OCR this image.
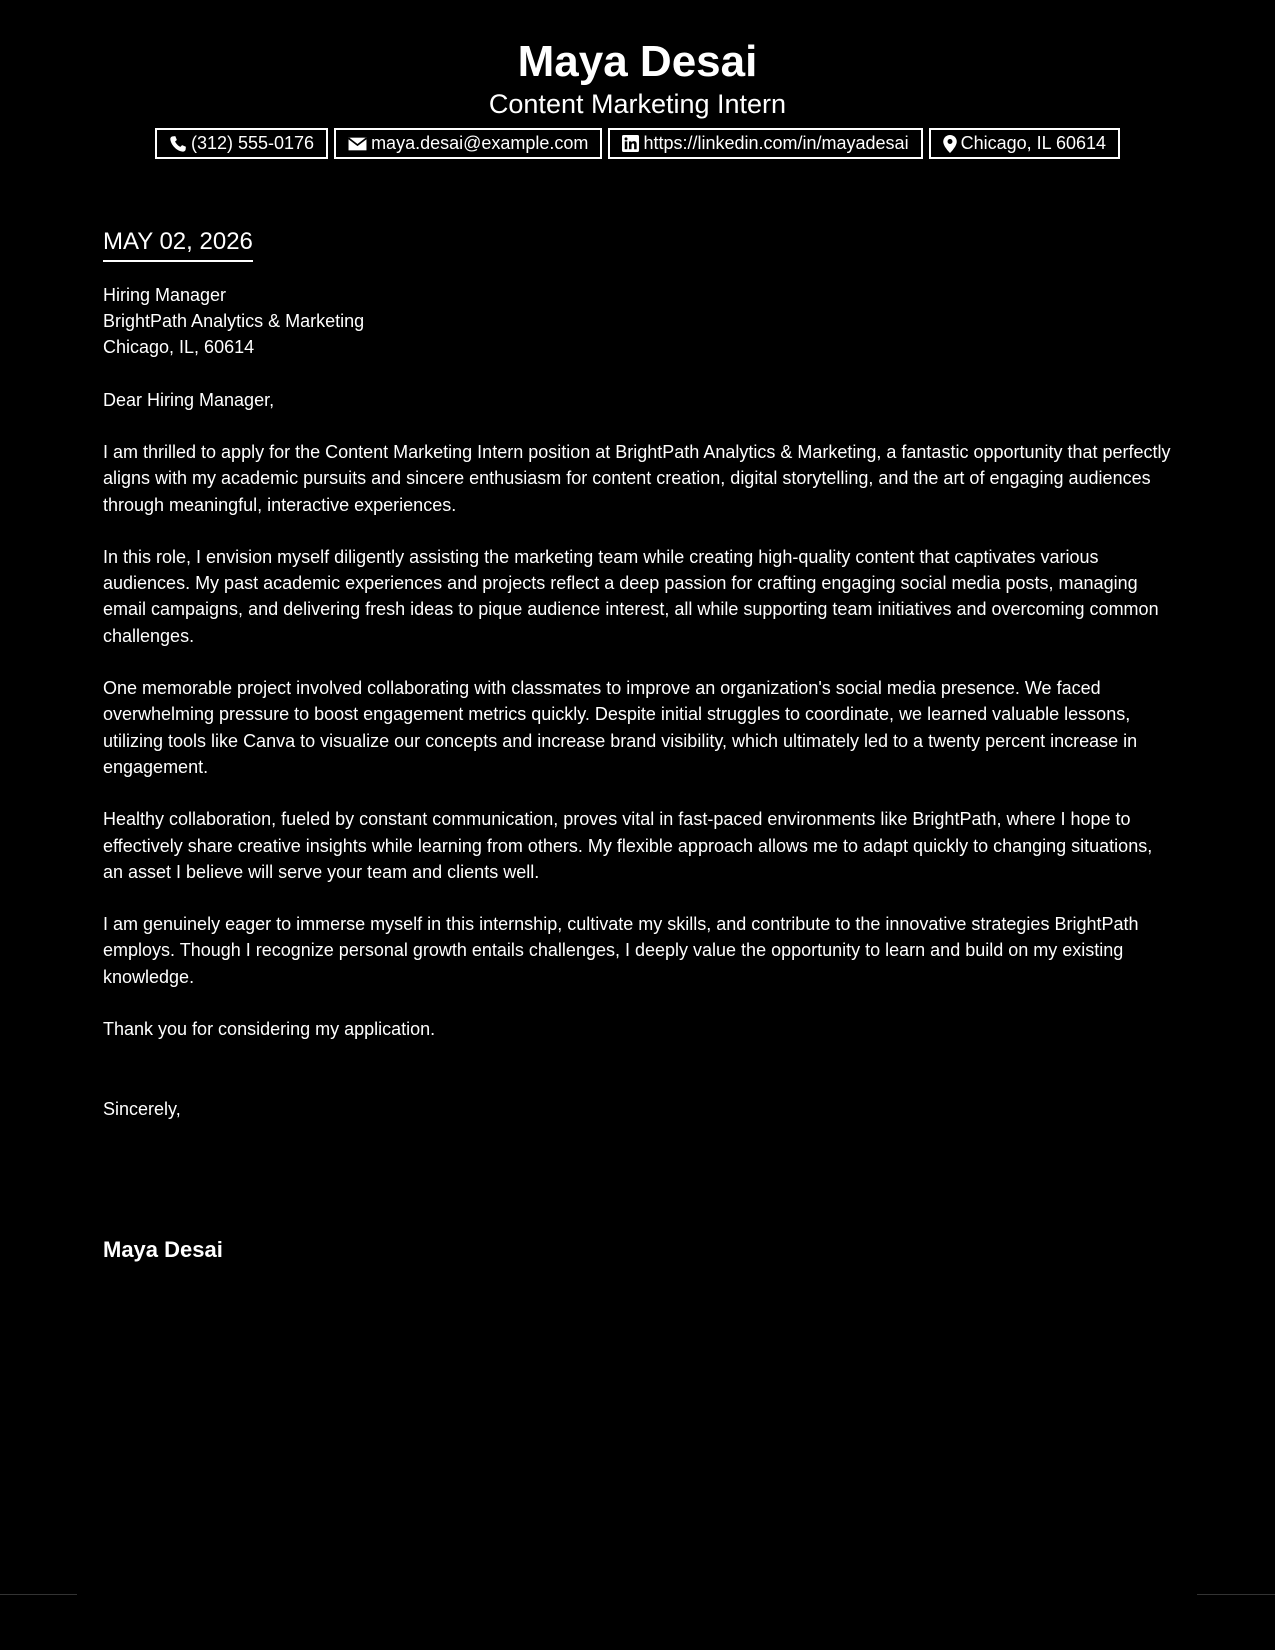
Maya Desai
Content Marketing Intern
(312) 555-0176	maya.desai@example.com	https://linkedin.com/in/mayadesai	Chicago, IL 60614
MAY 02, 2026
Hiring Manager
BrightPath Analytics & Marketing
Chicago, IL, 60614
Dear Hiring Manager,

I am thrilled to apply for the Content Marketing Intern position at BrightPath Analytics & Marketing, a fantastic opportunity that perfectly aligns with my academic pursuits and sincere enthusiasm for content creation, digital storytelling, and the art of engaging audiences through meaningful, interactive experiences.

In this role, I envision myself diligently assisting the marketing team while creating high-quality content that captivates various audiences. My past academic experiences and projects reflect a deep passion for crafting engaging social media posts, managing email campaigns, and delivering fresh ideas to pique audience interest, all while supporting team initiatives and overcoming common challenges.

One memorable project involved collaborating with classmates to improve an organization's social media presence. We faced overwhelming pressure to boost engagement metrics quickly. Despite initial struggles to coordinate, we learned valuable lessons, utilizing tools like Canva to visualize our concepts and increase brand visibility, which ultimately led to a twenty percent increase in engagement.

Healthy collaboration, fueled by constant communication, proves vital in fast-paced environments like BrightPath, where I hope to effectively share creative insights while learning from others. My flexible approach allows me to adapt quickly to changing situations, an asset I believe will serve your team and clients well.

I am genuinely eager to immerse myself in this internship, cultivate my skills, and contribute to the innovative strategies BrightPath employs. Though I recognize personal growth entails challenges, I deeply value the opportunity to learn and build on my existing knowledge.

Thank you for considering my application.

Sincerely,
Maya Desai
